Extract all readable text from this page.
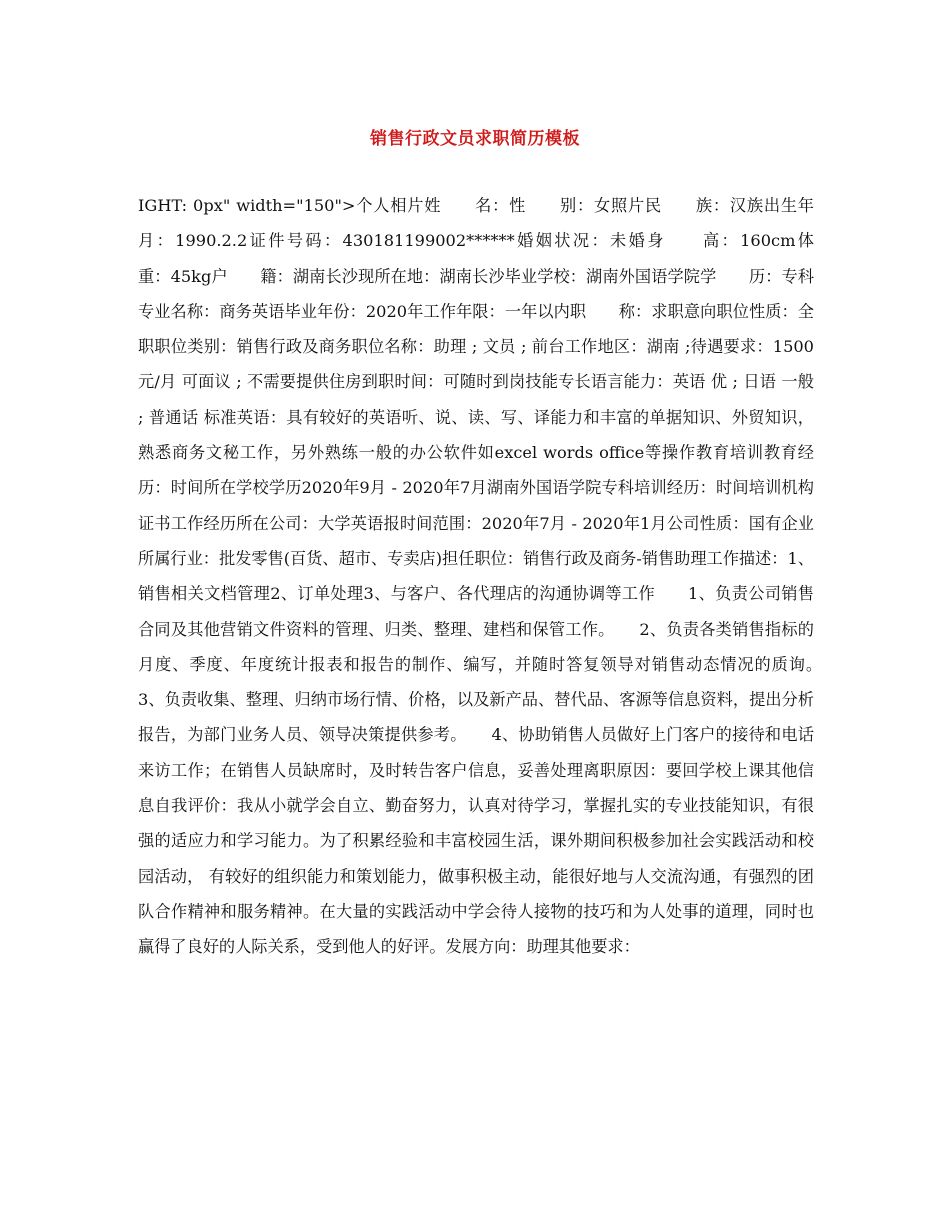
销售行政文员求职简历模板

IGHT: 0px" width="150">个人相片姓　　名：性　　别：女照片民　　族：汉族出生年月：1990.2.2证件号码：430181199002******婚姻状况：未婚身　　高：160cm体　　重：45kg户　　籍：湖南长沙现所在地：湖南长沙毕业学校：湖南外国语学院学　　历：专科专业名称：商务英语毕业年份：2020年工作年限：一年以内职　　称：求职意向职位性质：全 职职位类别：销售行政及商务职位名称：助理 ; 文员 ; 前台工作地区：湖南 ;待遇要求：1500元/月 可面议 ; 不需要提供住房到职时间：可随时到岗技能专长语言能力：英语 优 ; 日语 一般 ; 普通话 标准英语：具有较好的英语听、说、读、写、译能力和丰富的单据知识、外贸知识，熟悉商务文秘工作，另外熟练一般的办公软件如excel words office等操作教育培训教育经历：时间所在学校学历2020年9月 - 2020年7月湖南外国语学院专科培训经历：时间培训机构证书工作经历所在公司：大学英语报时间范围：2020年7月 - 2020年1月公司性质：国有企业所属行业：批发零售(百货、超市、专卖店)担任职位：销售行政及商务-销售助理工作描述：1、销售相关文档管理2、订单处理3、与客户、各代理店的沟通协调等工作　　1、负责公司销售合同及其他营销文件资料的管理、归类、整理、建档和保管工作。　　2、负责各类销售指标的月度、季度、年度统计报表和报告的制作、编写，并随时答复领导对销售动态情况的质询。　　3、负责收集、整理、归纳市场行情、价格，以及新产品、替代品、客源等信息资料，提出分析报告，为部门业务人员、领导决策提供参考。　　4、协助销售人员做好上门客户的接待和电话来访工作；在销售人员缺席时，及时转告客户信息，妥善处理离职原因：要回学校上课其他信息自我评价：我从小就学会自立、勤奋努力，认真对待学习，掌握扎实的专业技能知识，有很强的适应力和学习能力。为了积累经验和丰富校园生活，课外期间积极参加社会实践活动和校园活动， 有较好的组织能力和策划能力，做事积极主动，能很好地与人交流沟通，有强烈的团队合作精神和服务精神。在大量的实践活动中学会待人接物的技巧和为人处事的道理，同时也赢得了良好的人际关系，受到他人的好评。发展方向：助理其他要求：
